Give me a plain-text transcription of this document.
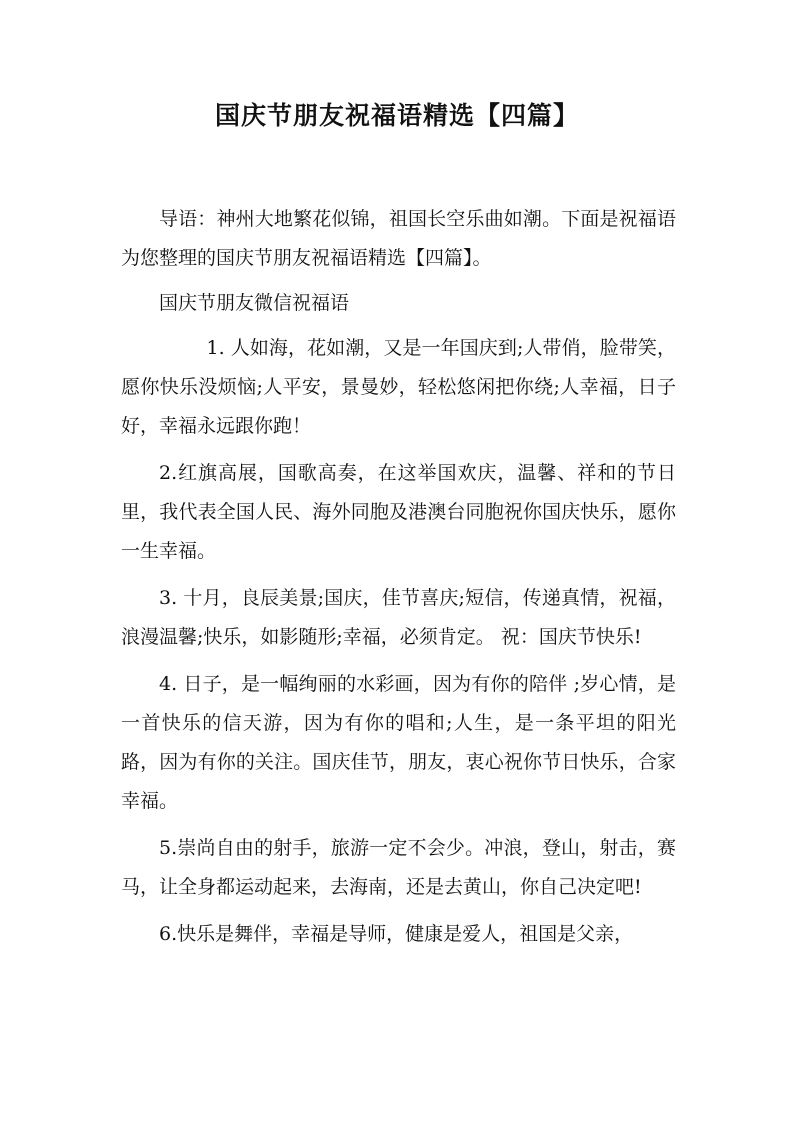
国庆节朋友祝福语精选【四篇】

导语：神州大地繁花似锦，祖国长空乐曲如潮。下面是祝福语为您整理的国庆节朋友祝福语精选【四篇】。

国庆节朋友微信祝福语

1. 人如海，花如潮，又是一年国庆到;人带俏，脸带笑，愿你快乐没烦恼;人平安，景曼妙，轻松悠闲把你绕;人幸福，日子好，幸福永远跟你跑！

2.红旗高展，国歌高奏，在这举国欢庆，温馨、祥和的节日里，我代表全国人民、海外同胞及港澳台同胞祝你国庆快乐，愿你一生幸福。

3. 十月，良辰美景;国庆，佳节喜庆;短信，传递真情，祝福，浪漫温馨;快乐，如影随形;幸福，必须肯定。 祝：国庆节快乐!

4. 日子，是一幅绚丽的水彩画，因为有你的陪伴 ;岁心情，是一首快乐的信天游，因为有你的唱和;人生，是一条平坦的阳光路，因为有你的关注。国庆佳节，朋友，衷心祝你节日快乐，合家幸福。

5.崇尚自由的射手，旅游一定不会少。冲浪，登山，射击，赛马，让全身都运动起来，去海南，还是去黄山，你自己决定吧!

6.快乐是舞伴，幸福是导师，健康是爱人，祖国是父亲，
